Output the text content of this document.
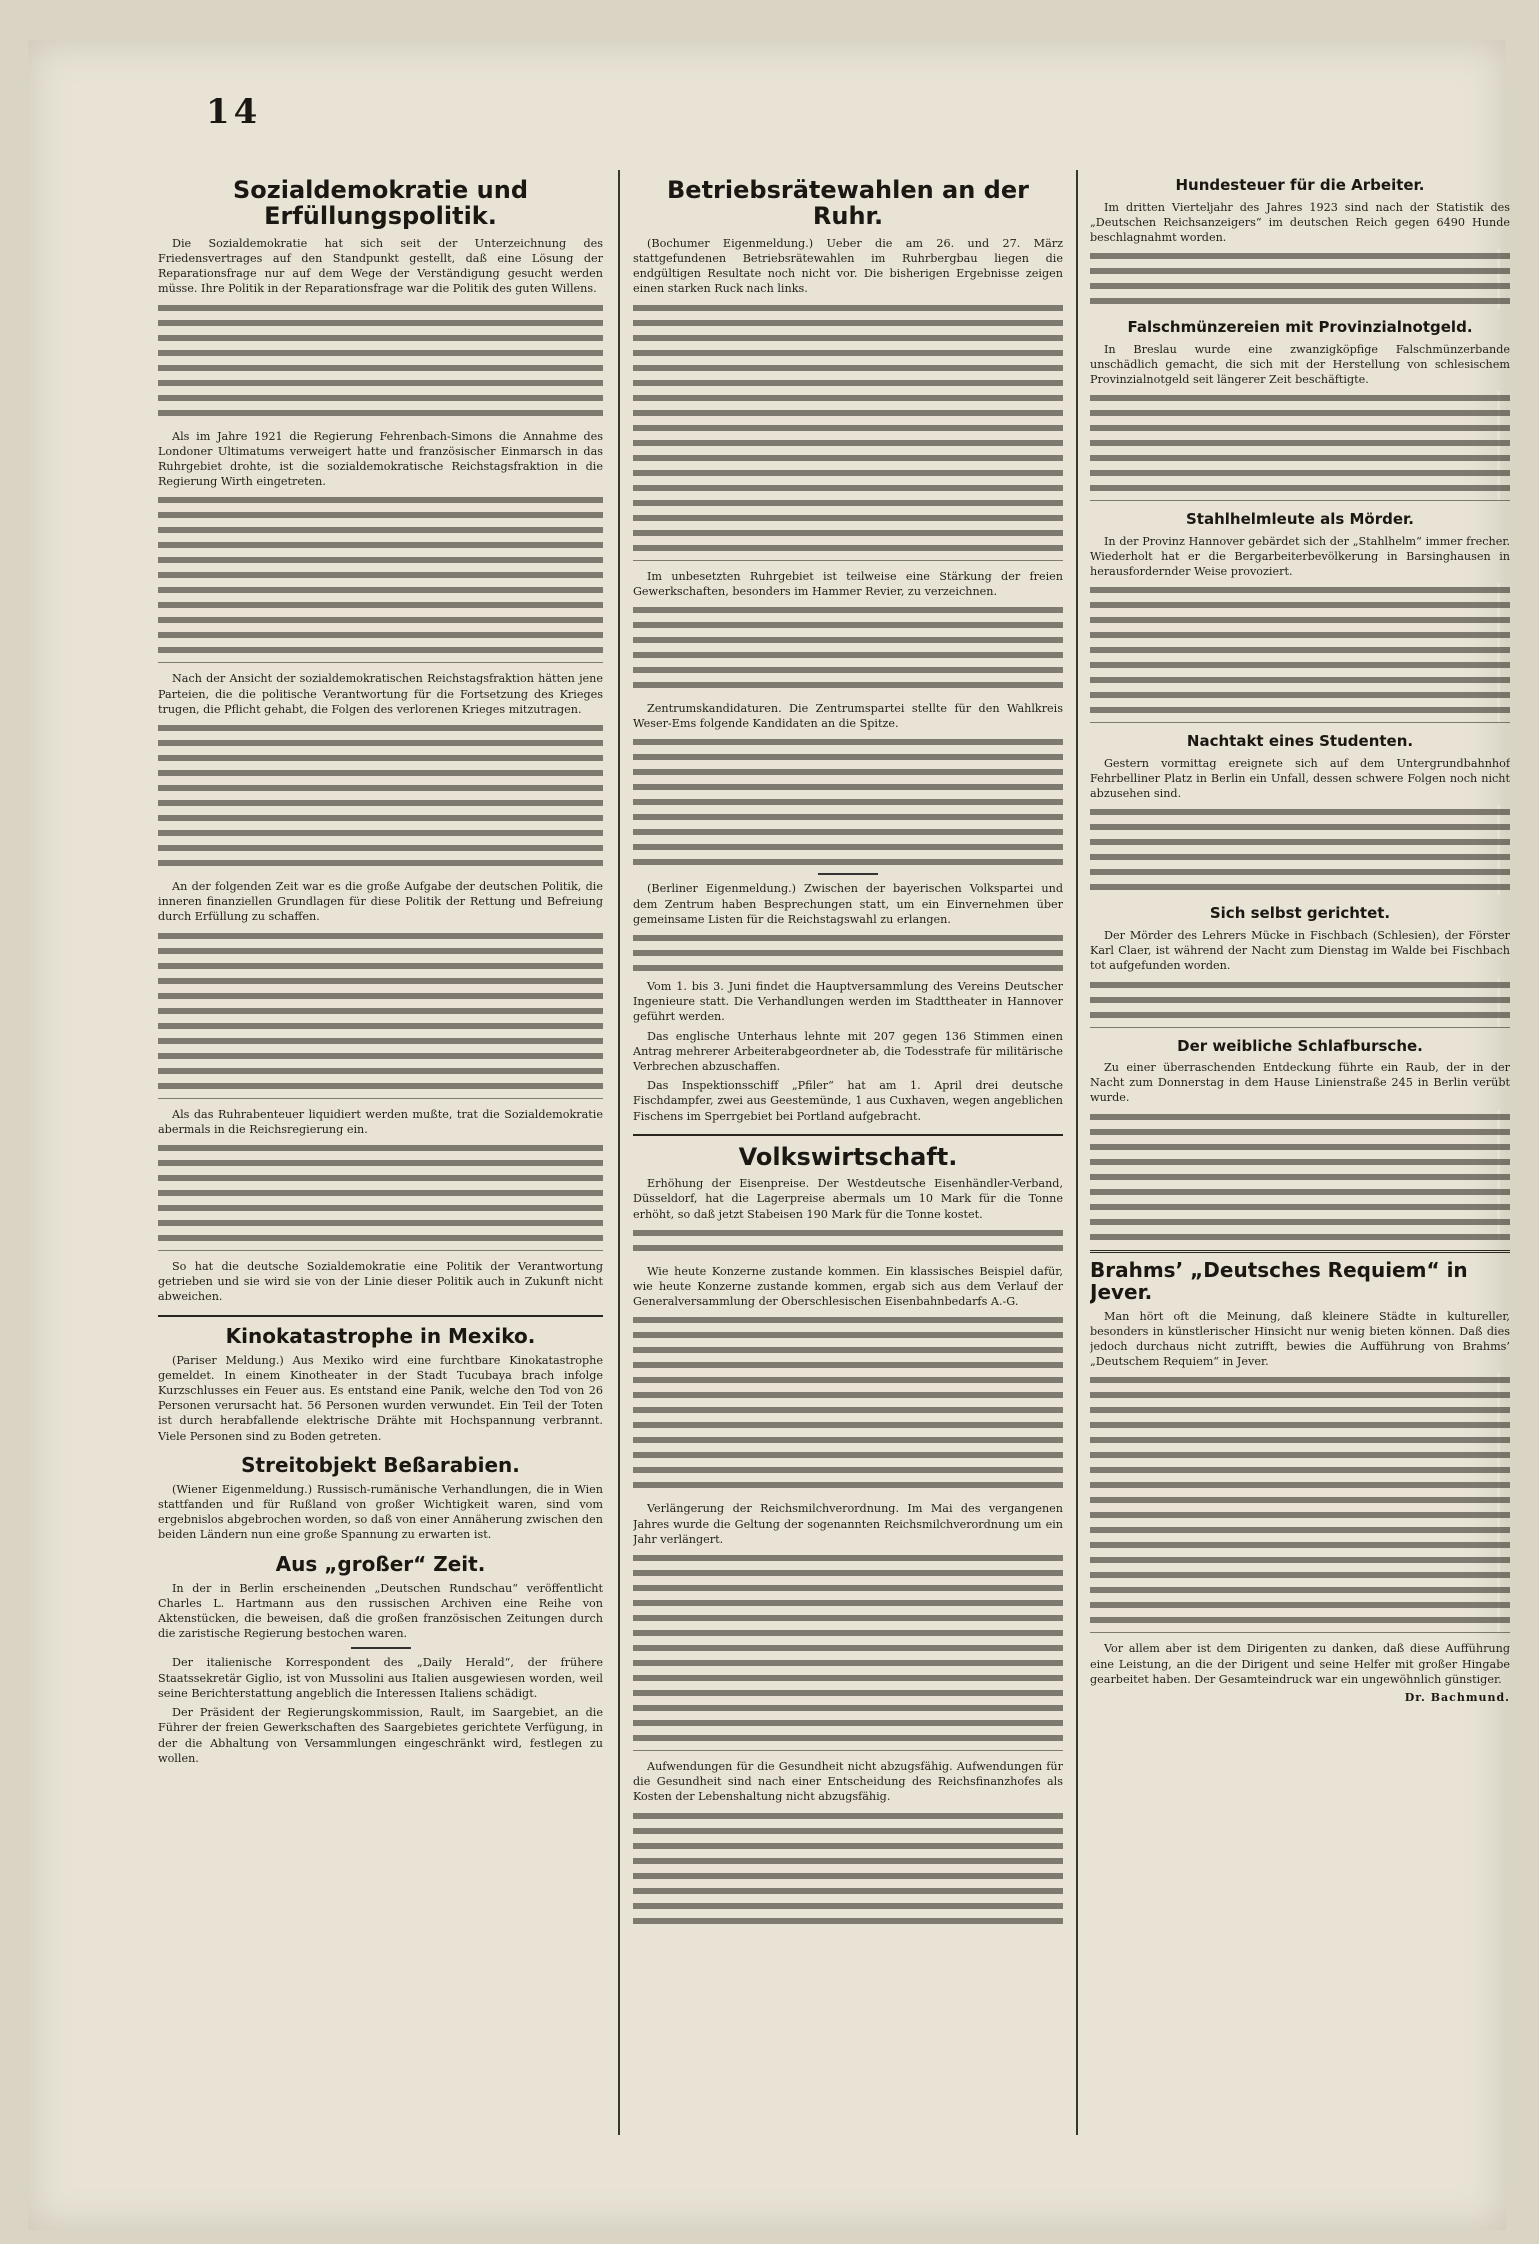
14
Sozialdemokratie und Erfüllungspolitik.

Die Sozialdemokratie hat sich seit der Unterzeichnung des Friedensvertrages auf den Standpunkt gestellt, daß eine Lösung der Reparationsfrage nur auf dem Wege der Verständigung gesucht werden müsse. Ihre Politik in der Reparationsfrage war die Politik des guten Willens.

Als im Jahre 1921 die Regierung Fehrenbach-Simons die Annahme des Londoner Ultimatums verweigert hatte und französischer Einmarsch in das Ruhrgebiet drohte, ist die sozialdemokratische Reichstagsfraktion in die Regierung Wirth eingetreten.

Nach der Ansicht der sozialdemokratischen Reichstagsfraktion hätten jene Parteien, die die politische Verantwortung für die Fortsetzung des Krieges trugen, die Pflicht gehabt, die Folgen des verlorenen Krieges mitzutragen.

An der folgenden Zeit war es die große Aufgabe der deutschen Politik, die inneren finanziellen Grundlagen für diese Politik der Rettung und Befreiung durch Erfüllung zu schaffen.

Als das Ruhrabenteuer liquidiert werden mußte, trat die Sozialdemokratie abermals in die Reichsregierung ein.

So hat die deutsche Sozialdemokratie eine Politik der Verantwortung getrieben und sie wird sie von der Linie dieser Politik auch in Zukunft nicht abweichen.

Kinokatastrophe in Mexiko.

(Pariser Meldung.) Aus Mexiko wird eine furchtbare Kinokatastrophe gemeldet. In einem Kinotheater in der Stadt Tucubaya brach infolge Kurzschlusses ein Feuer aus. Es entstand eine Panik, welche den Tod von 26 Personen verursacht hat. 56 Personen wurden verwundet. Ein Teil der Toten ist durch herabfallende elektrische Drähte mit Hochspannung verbrannt. Viele Personen sind zu Boden getreten.

Streitobjekt Beßarabien.

(Wiener Eigenmeldung.) Russisch-rumänische Verhandlungen, die in Wien stattfanden und für Rußland von großer Wichtigkeit waren, sind vom ergebnislos abgebrochen worden, so daß von einer Annäherung zwischen den beiden Ländern nun eine große Spannung zu erwarten ist.

Aus „großer“ Zeit.

In der in Berlin erscheinenden „Deutschen Rundschau“ veröffentlicht Charles L. Hartmann aus den russischen Archiven eine Reihe von Aktenstücken, die beweisen, daß die großen französischen Zeitungen durch die zaristische Regierung bestochen waren.

Der italienische Korrespondent des „Daily Herald“, der frühere Staatssekretär Giglio, ist von Mussolini aus Italien ausgewiesen worden, weil seine Berichterstattung angeblich die Interessen Italiens schädigt.

Der Präsident der Regierungskommission, Rault, im Saargebiet, an die Führer der freien Gewerkschaften des Saargebietes gerichtete Verfügung, in der die Abhaltung von Versammlungen eingeschränkt wird, festlegen zu wollen.

Betriebsrätewahlen an der Ruhr.

(Bochumer Eigenmeldung.) Ueber die am 26. und 27. März stattgefundenen Betriebsrätewahlen im Ruhrbergbau liegen die endgültigen Resultate noch nicht vor. Die bisherigen Ergebnisse zeigen einen starken Ruck nach links.

Im unbesetzten Ruhrgebiet ist teilweise eine Stärkung der freien Gewerkschaften, besonders im Hammer Revier, zu verzeichnen.

Zentrumskandidaturen. Die Zentrumspartei stellte für den Wahlkreis Weser-Ems folgende Kandidaten an die Spitze.

(Berliner Eigenmeldung.) Zwischen der bayerischen Volkspartei und dem Zentrum haben Besprechungen statt, um ein Einvernehmen über gemeinsame Listen für die Reichstagswahl zu erlangen.

Vom 1. bis 3. Juni findet die Hauptversammlung des Vereins Deutscher Ingenieure statt. Die Verhandlungen werden im Stadttheater in Hannover geführt werden.

Das englische Unterhaus lehnte mit 207 gegen 136 Stimmen einen Antrag mehrerer Arbeiterabgeordneter ab, die Todesstrafe für militärische Verbrechen abzuschaffen.

Das Inspektionsschiff „Pfiler“ hat am 1. April drei deutsche Fischdampfer, zwei aus Geestemünde, 1 aus Cuxhaven, wegen angeblichen Fischens im Sperrgebiet bei Portland aufgebracht.

Volkswirtschaft.

Erhöhung der Eisenpreise. Der Westdeutsche Eisenhändler-Verband, Düsseldorf, hat die Lagerpreise abermals um 10 Mark für die Tonne erhöht, so daß jetzt Stabeisen 190 Mark für die Tonne kostet.

Wie heute Konzerne zustande kommen. Ein klassisches Beispiel dafür, wie heute Konzerne zustande kommen, ergab sich aus dem Verlauf der Generalversammlung der Oberschlesischen Eisenbahnbedarfs A.-G.

Verlängerung der Reichsmilchverordnung. Im Mai des vergangenen Jahres wurde die Geltung der sogenannten Reichsmilchverordnung um ein Jahr verlängert.

Aufwendungen für die Gesundheit nicht abzugsfähig. Aufwendungen für die Gesundheit sind nach einer Entscheidung des Reichsfinanzhofes als Kosten der Lebenshaltung nicht abzugsfähig.

Hundesteuer für die Arbeiter.

Im dritten Vierteljahr des Jahres 1923 sind nach der Statistik des „Deutschen Reichsanzeigers“ im deutschen Reich gegen 6490 Hunde beschlagnahmt worden.

Falschmünzereien mit Provinzialnotgeld.

In Breslau wurde eine zwanzigköpfige Falschmünzerbande unschädlich gemacht, die sich mit der Herstellung von schlesischem Provinzialnotgeld seit längerer Zeit beschäftigte.

Stahlhelmleute als Mörder.

In der Provinz Hannover gebärdet sich der „Stahlhelm“ immer frecher. Wiederholt hat er die Bergarbeiterbevölkerung in Barsinghausen in herausfordernder Weise provoziert.

Nachtakt eines Studenten.

Gestern vormittag ereignete sich auf dem Untergrundbahnhof Fehrbelliner Platz in Berlin ein Unfall, dessen schwere Folgen noch nicht abzusehen sind.

Sich selbst gerichtet.

Der Mörder des Lehrers Mücke in Fischbach (Schlesien), der Förster Karl Claer, ist während der Nacht zum Dienstag im Walde bei Fischbach tot aufgefunden worden.

Der weibliche Schlafbursche.

Zu einer überraschenden Entdeckung führte ein Raub, der in der Nacht zum Donnerstag in dem Hause Linienstraße 245 in Berlin verübt wurde.

Brahms’ „Deutsches Requiem“ in Jever.

Man hört oft die Meinung, daß kleinere Städte in kultureller, besonders in künstlerischer Hinsicht nur wenig bieten können. Daß dies jedoch durchaus nicht zutrifft, bewies die Aufführung von Brahms’ „Deutschem Requiem“ in Jever.

Vor allem aber ist dem Dirigenten zu danken, daß diese Aufführung eine Leistung, an die der Dirigent und seine Helfer mit großer Hingabe gearbeitet haben. Der Gesamteindruck war ein ungewöhnlich günstiger.

Dr. Bachmund.
